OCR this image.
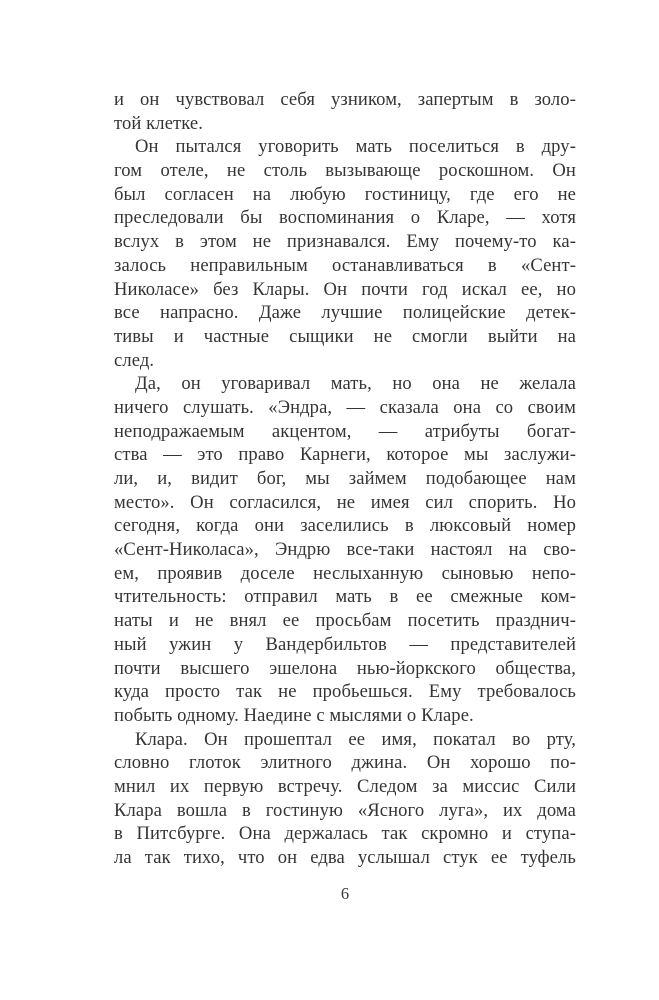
и он чувствовал себя узником, запертым в золо-
той клетке.
Он пытался уговорить мать поселиться в дру-
гом отеле, не столь вызывающе роскошном. Он
был согласен на любую гостиницу, где его не
преследовали бы воспоминания о Кларе, — хотя
вслух в этом не признавался. Ему почему-то ка-
залось неправильным останавливаться в «Сент-
Николасе» без Клары. Он почти год искал ее, но
все напрасно. Даже лучшие полицейские детек-
тивы и частные сыщики не смогли выйти на
след.
Да, он уговаривал мать, но она не желала
ничего слушать. «Эндра, — сказала она со своим
неподражаемым акцентом, — атрибуты богат-
ства — это право Карнеги, которое мы заслужи-
ли, и, видит бог, мы займем подобающее нам
место». Он согласился, не имея сил спорить. Но
сегодня, когда они заселились в люксовый номер
«Сент-Николаса», Эндрю все-таки настоял на сво-
ем, проявив доселе неслыханную сыновью непо-
чтительность: отправил мать в ее смежные ком-
наты и не внял ее просьбам посетить празднич-
ный ужин у Вандербильтов — представителей
почти высшего эшелона нью-йоркского общества,
куда просто так не пробьешься. Ему требовалось
побыть одному. Наедине с мыслями о Кларе.
Клара. Он прошептал ее имя, покатал во рту,
словно глоток элитного джина. Он хорошо по-
мнил их первую встречу. Следом за миссис Сили
Клара вошла в гостиную «Ясного луга», их дома
в Питсбурге. Она держалась так скромно и ступа-
ла так тихо, что он едва услышал стук ее туфель
6
